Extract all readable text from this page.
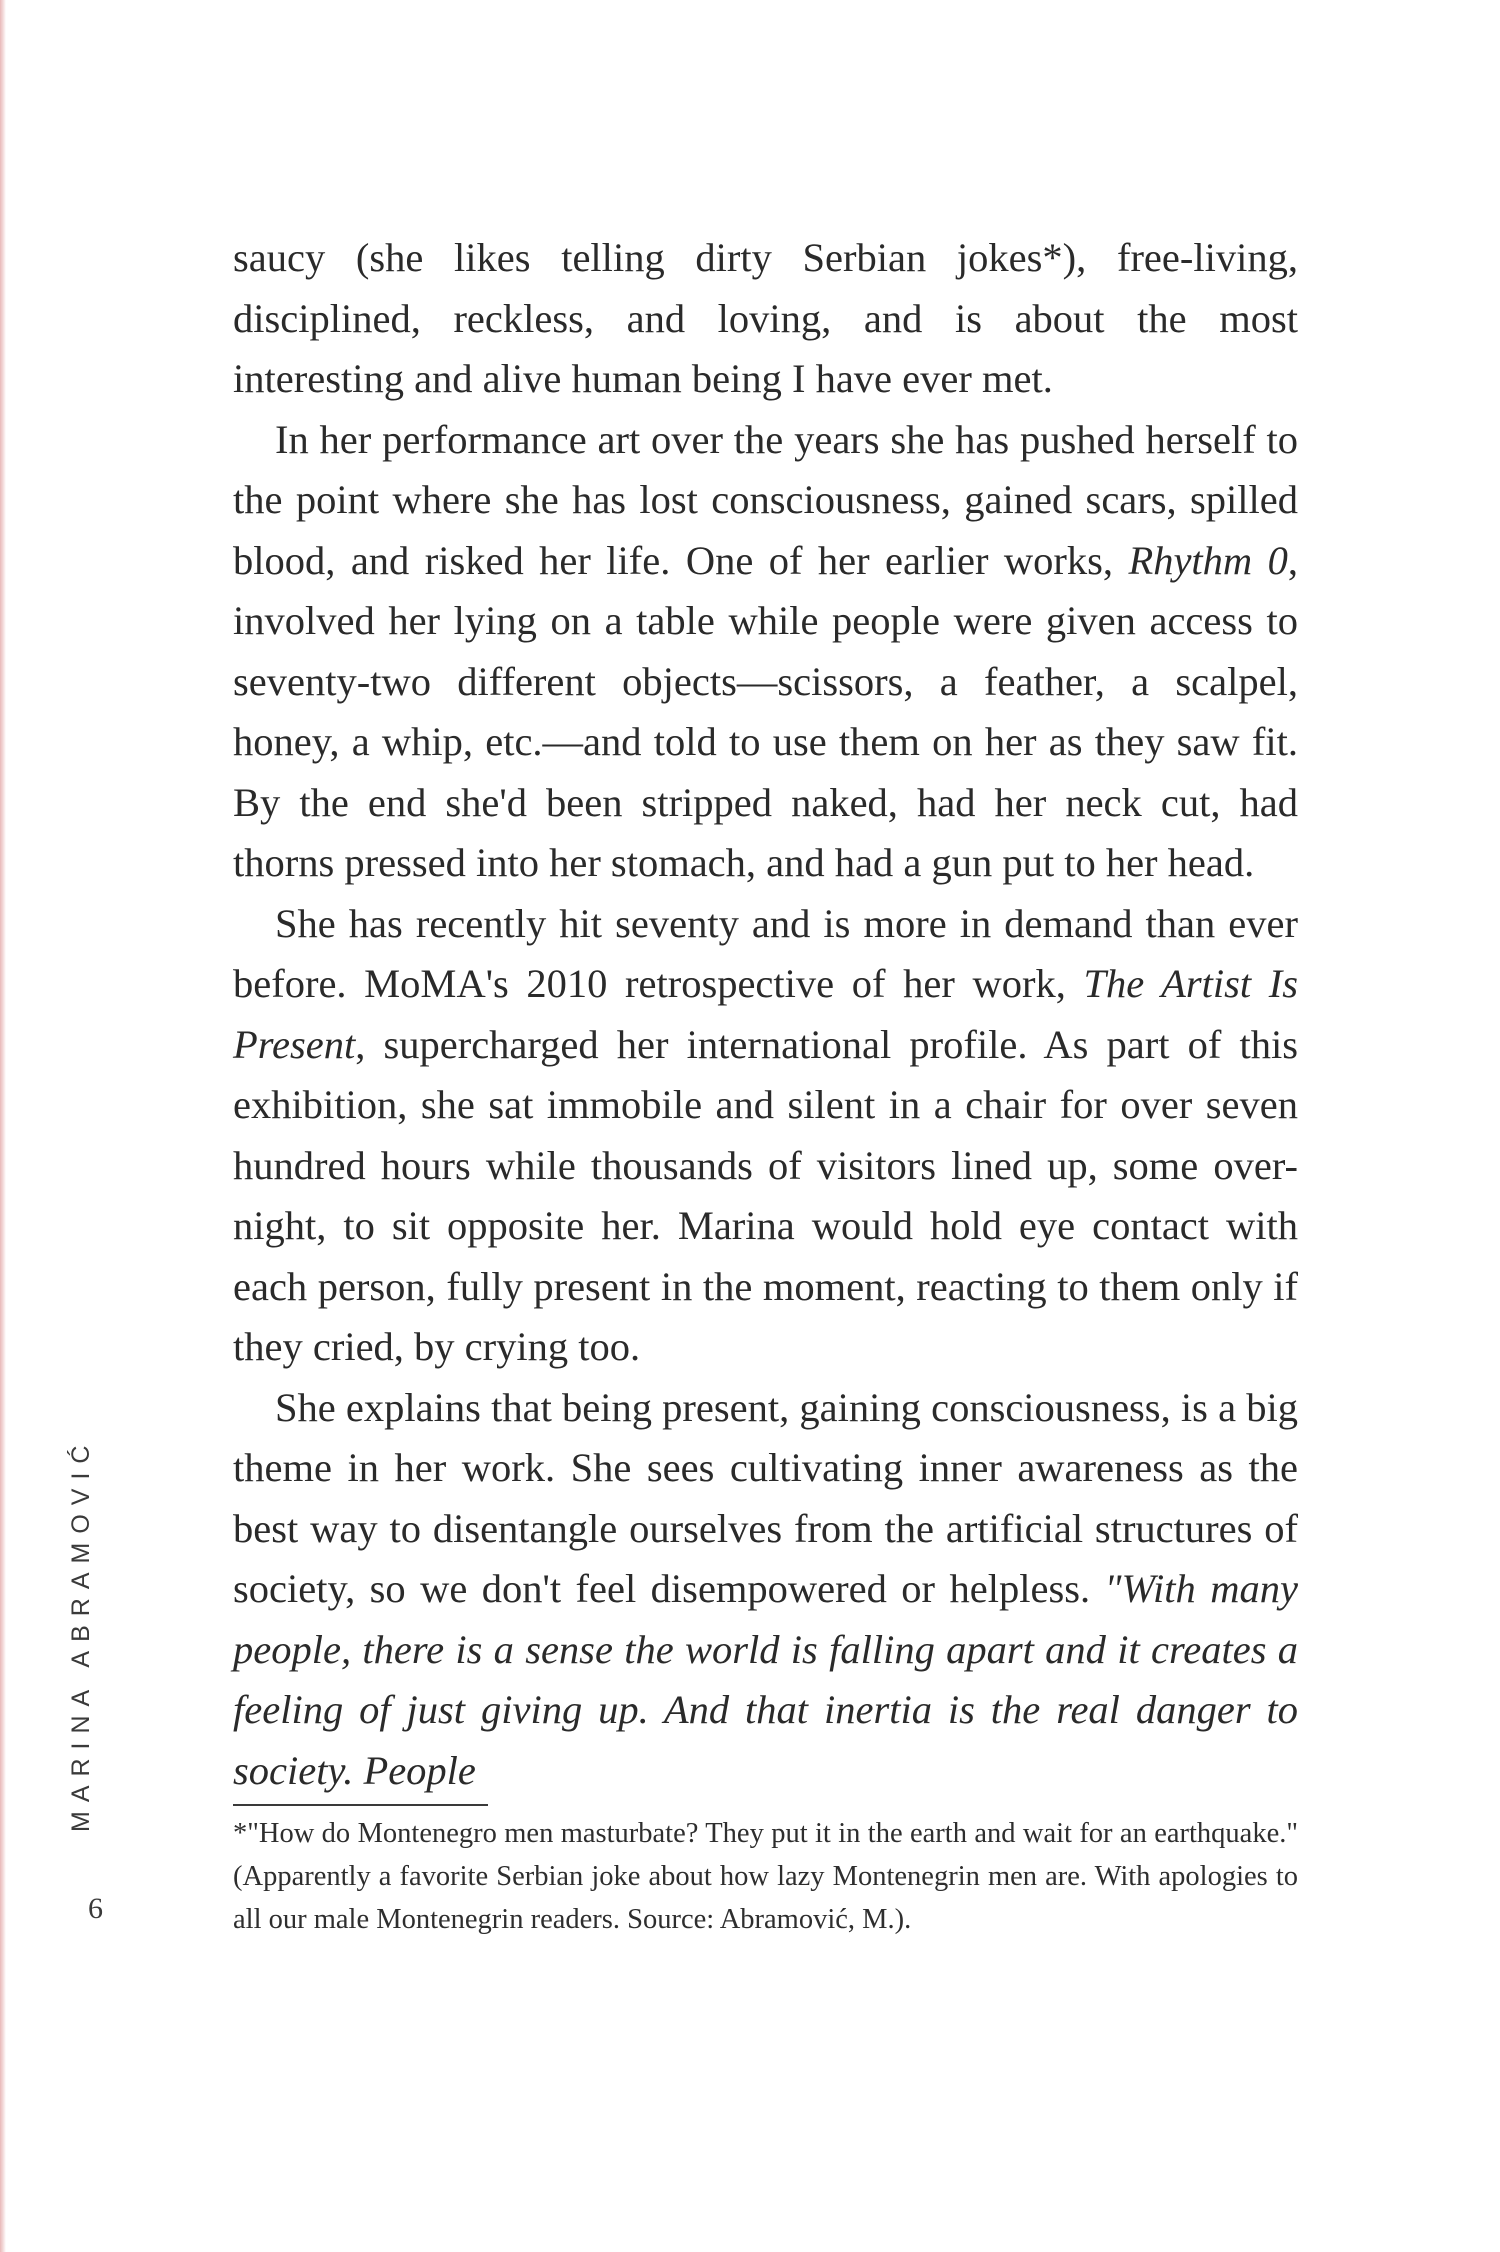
saucy (she likes telling dirty Serbian jokes*), free-living, disciplined, reckless, and loving, and is about the most interesting and alive human being I have ever met.

In her performance art over the years she has pushed herself to the point where she has lost consciousness, gained scars, spilled blood, and risked her life. One of her earlier works, Rhythm 0, involved her lying on a table while people were given access to seventy-two different objects—scissors, a feather, a scalpel, honey, a whip, etc.—and told to use them on her as they saw fit. By the end she'd been stripped naked, had her neck cut, had thorns pressed into her stomach, and had a gun put to her head.

She has recently hit seventy and is more in demand than ever before. MoMA's 2010 retrospective of her work, The Artist Is Present, supercharged her international profile. As part of this exhibition, she sat immobile and silent in a chair for over seven hundred hours while thousands of visitors lined up, some over-night, to sit opposite her. Marina would hold eye contact with each person, fully present in the moment, reacting to them only if they cried, by crying too.

She explains that being present, gaining consciousness, is a big theme in her work. She sees cultivating inner awareness as the best way to disentangle ourselves from the artificial structures of society, so we don't feel disempowered or helpless. "With many people, there is a sense the world is falling apart and it creates a feeling of just giving up. And that inertia is the real danger to society. People

*"How do Montenegro men masturbate? They put it in the earth and wait for an earthquake." (Apparently a favorite Serbian joke about how lazy Montenegrin men are. With apologies to all our male Montenegrin readers. Source: Abramović, M.).
MARINA ABRAMOVIĆ
6
